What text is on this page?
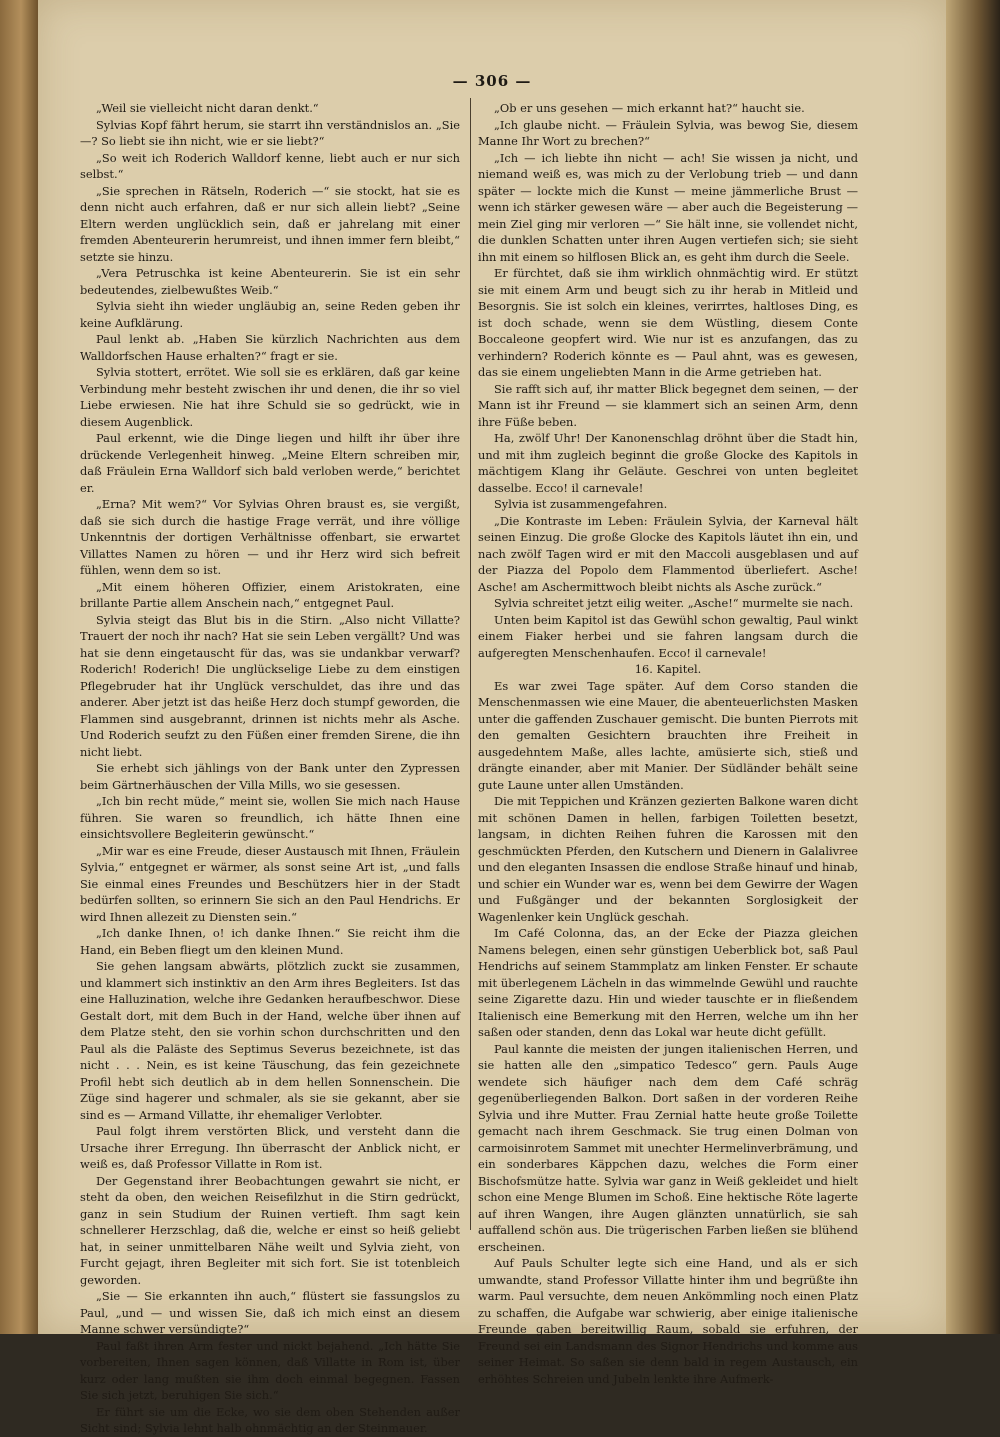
— 306 —

„Weil sie vielleicht nicht daran denkt.“

Sylvias Kopf fährt herum, sie starrt ihn verständnislos an. „Sie —? So liebt sie ihn nicht, wie er sie liebt?“

„So weit ich Roderich Walldorf kenne, liebt auch er nur sich selbst.“

„Sie sprechen in Rätseln, Roderich —“ sie stockt, hat sie es denn nicht auch erfahren, daß er nur sich allein liebt? „Seine Eltern werden unglücklich sein, daß er jahrelang mit einer fremden Abenteurerin herumreist, und ihnen immer fern bleibt,“ setzte sie hinzu.

„Vera Petruschka ist keine Abenteurerin. Sie ist ein sehr bedeutendes, zielbewußtes Weib.“

Sylvia sieht ihn wieder ungläubig an, seine Reden geben ihr keine Aufklärung.

Paul lenkt ab. „Haben Sie kürzlich Nachrichten aus dem Walldorfschen Hause erhalten?“ fragt er sie.

Sylvia stottert, errötet. Wie soll sie es erklären, daß gar keine Verbindung mehr besteht zwischen ihr und denen, die ihr so viel Liebe erwiesen. Nie hat ihre Schuld sie so gedrückt, wie in diesem Augenblick.

Paul erkennt, wie die Dinge liegen und hilft ihr über ihre drückende Verlegenheit hinweg. „Meine Eltern schreiben mir, daß Fräulein Erna Walldorf sich bald verloben werde,“ berichtet er.

„Erna? Mit wem?“ Vor Sylvias Ohren braust es, sie vergißt, daß sie sich durch die hastige Frage verrät, und ihre völlige Unkenntnis der dortigen Verhältnisse offenbart, sie erwartet Villattes Namen zu hören — und ihr Herz wird sich befreit fühlen, wenn dem so ist.

„Mit einem höheren Offizier, einem Aristokraten, eine brillante Partie allem Anschein nach,“ entgegnet Paul.

Sylvia steigt das Blut bis in die Stirn. „Also nicht Villatte? Trauert der noch ihr nach? Hat sie sein Leben vergällt? Und was hat sie denn eingetauscht für das, was sie undankbar verwarf? Roderich! Roderich! Die unglückselige Liebe zu dem einstigen Pflegebruder hat ihr Unglück verschuldet, das ihre und das anderer. Aber jetzt ist das heiße Herz doch stumpf geworden, die Flammen sind ausgebrannt, drinnen ist nichts mehr als Asche. Und Roderich seufzt zu den Füßen einer fremden Sirene, die ihn nicht liebt.

Sie erhebt sich jählings von der Bank unter den Zypressen beim Gärtnerhäuschen der Villa Mills, wo sie gesessen.

„Ich bin recht müde,“ meint sie, wollen Sie mich nach Hause führen. Sie waren so freundlich, ich hätte Ihnen eine einsichtsvollere Begleiterin gewünscht.“

„Mir war es eine Freude, dieser Austausch mit Ihnen, Fräulein Sylvia,“ entgegnet er wärmer, als sonst seine Art ist, „und falls Sie einmal eines Freundes und Beschützers hier in der Stadt bedürfen sollten, so erinnern Sie sich an den Paul Hendrichs. Er wird Ihnen allezeit zu Diensten sein.“

„Ich danke Ihnen, o! ich danke Ihnen.“ Sie reicht ihm die Hand, ein Beben fliegt um den kleinen Mund.

Sie gehen langsam abwärts, plötzlich zuckt sie zusammen, und klammert sich instinktiv an den Arm ihres Begleiters. Ist das eine Halluzination, welche ihre Gedanken heraufbeschwor. Diese Gestalt dort, mit dem Buch in der Hand, welche über ihnen auf dem Platze steht, den sie vorhin schon durchschritten und den Paul als die Paläste des Septimus Severus bezeichnete, ist das nicht . . . Nein, es ist keine Täuschung, das fein gezeichnete Profil hebt sich deutlich ab in dem hellen Sonnenschein. Die Züge sind hagerer und schmaler, als sie sie gekannt, aber sie sind es — Armand Villatte, ihr ehemaliger Verlobter.

Paul folgt ihrem verstörten Blick, und versteht dann die Ursache ihrer Erregung. Ihn überrascht der Anblick nicht, er weiß es, daß Professor Villatte in Rom ist.

Der Gegenstand ihrer Beobachtungen gewahrt sie nicht, er steht da oben, den weichen Reisefilzhut in die Stirn gedrückt, ganz in sein Studium der Ruinen vertieft. Ihm sagt kein schnellerer Herzschlag, daß die, welche er einst so heiß geliebt hat, in seiner unmittelbaren Nähe weilt und Sylvia zieht, von Furcht gejagt, ihren Begleiter mit sich fort. Sie ist totenbleich geworden.

„Sie — Sie erkannten ihn auch,“ flüstert sie fassungslos zu Paul, „und — und wissen Sie, daß ich mich einst an diesem Manne schwer versündigte?“

Paul faßt ihren Arm fester und nickt bejahend. „Ich hätte Sie vorbereiten, Ihnen sagen können, daß Villatte in Rom ist, über kurz oder lang mußten sie ihm doch einmal begegnen. Fassen Sie sich jetzt, beruhigen Sie sich.“

Er führt sie um die Ecke, wo sie dem oben Stehenden außer Sicht sind; Sylvia lehnt halb ohnmächtig an der Steinmauer.

„Ob er uns gesehen — mich erkannt hat?“ haucht sie.

„Ich glaube nicht. — Fräulein Sylvia, was bewog Sie, diesem Manne Ihr Wort zu brechen?“

„Ich — ich liebte ihn nicht — ach! Sie wissen ja nicht, und niemand weiß es, was mich zu der Verlobung trieb — und dann später — lockte mich die Kunst — meine jämmerliche Brust — wenn ich stärker gewesen wäre — aber auch die Begeisterung — mein Ziel ging mir verloren —“ Sie hält inne, sie vollendet nicht, die dunklen Schatten unter ihren Augen vertiefen sich; sie sieht ihn mit einem so hilflosen Blick an, es geht ihm durch die Seele.

Er fürchtet, daß sie ihm wirklich ohnmächtig wird. Er stützt sie mit einem Arm und beugt sich zu ihr herab in Mitleid und Besorgnis. Sie ist solch ein kleines, verirrtes, haltloses Ding, es ist doch schade, wenn sie dem Wüstling, diesem Conte Boccaleone geopfert wird. Wie nur ist es anzufangen, das zu verhindern? Roderich könnte es — Paul ahnt, was es gewesen, das sie einem ungeliebten Mann in die Arme getrieben hat.

Sie rafft sich auf, ihr matter Blick begegnet dem seinen, — der Mann ist ihr Freund — sie klammert sich an seinen Arm, denn ihre Füße beben.

Ha, zwölf Uhr! Der Kanonenschlag dröhnt über die Stadt hin, und mit ihm zugleich beginnt die große Glocke des Kapitols in mächtigem Klang ihr Geläute. Geschrei von unten begleitet dasselbe. Ecco! il carnevale!

Sylvia ist zusammengefahren.

„Die Kontraste im Leben: Fräulein Sylvia, der Karneval hält seinen Einzug. Die große Glocke des Kapitols läutet ihn ein, und nach zwölf Tagen wird er mit den Maccoli ausgeblasen und auf der Piazza del Popolo dem Flammentod überliefert. Asche! Asche! am Aschermittwoch bleibt nichts als Asche zurück.“

Sylvia schreitet jetzt eilig weiter. „Asche!“ murmelte sie nach.

Unten beim Kapitol ist das Gewühl schon gewaltig, Paul winkt einem Fiaker herbei und sie fahren langsam durch die aufgeregten Menschenhaufen. Ecco! il carnevale!

16. Kapitel.

Es war zwei Tage später. Auf dem Corso standen die Menschenmassen wie eine Mauer, die abenteuerlichsten Masken unter die gaffenden Zuschauer gemischt. Die bunten Pierrots mit den gemalten Gesichtern brauchten ihre Freiheit in ausgedehntem Maße, alles lachte, amüsierte sich, stieß und drängte einander, aber mit Manier. Der Südländer behält seine gute Laune unter allen Umständen.

Die mit Teppichen und Kränzen gezierten Balkone waren dicht mit schönen Damen in hellen, farbigen Toiletten besetzt, langsam, in dichten Reihen fuhren die Karossen mit den geschmückten Pferden, den Kutschern und Dienern in Galalivree und den eleganten Insassen die endlose Straße hinauf und hinab, und schier ein Wunder war es, wenn bei dem Gewirre der Wagen und Fußgänger und der bekannten Sorglosigkeit der Wagenlenker kein Unglück geschah.

Im Café Colonna, das, an der Ecke der Piazza gleichen Namens belegen, einen sehr günstigen Ueberblick bot, saß Paul Hendrichs auf seinem Stammplatz am linken Fenster. Er schaute mit überlegenem Lächeln in das wimmelnde Gewühl und rauchte seine Zigarette dazu. Hin und wieder tauschte er in fließendem Italienisch eine Bemerkung mit den Herren, welche um ihn her saßen oder standen, denn das Lokal war heute dicht gefüllt.

Paul kannte die meisten der jungen italienischen Herren, und sie hatten alle den „simpatico Tedesco“ gern. Pauls Auge wendete sich häufiger nach dem dem Café schräg gegenüberliegenden Balkon. Dort saßen in der vorderen Reihe Sylvia und ihre Mutter. Frau Zernial hatte heute große Toilette gemacht nach ihrem Geschmack. Sie trug einen Dolman von carmoisinrotem Sammet mit unechter Hermelinverbrämung, und ein sonderbares Käppchen dazu, welches die Form einer Bischofsmütze hatte. Sylvia war ganz in Weiß gekleidet und hielt schon eine Menge Blumen im Schoß. Eine hektische Röte lagerte auf ihren Wangen, ihre Augen glänzten unnatürlich, sie sah auffallend schön aus. Die trügerischen Farben ließen sie blühend erscheinen.

Auf Pauls Schulter legte sich eine Hand, und als er sich umwandte, stand Professor Villatte hinter ihm und begrüßte ihn warm. Paul versuchte, dem neuen Ankömmling noch einen Platz zu schaffen, die Aufgabe war schwierig, aber einige italienische Freunde gaben bereitwillig Raum, sobald sie erfuhren, der Freund sei ein Landsmann des Signor Hendrichs und komme aus seiner Heimat. So saßen sie denn bald in regem Austausch, ein erhöhtes Schreien und Jubeln lenkte ihre Aufmerk-
